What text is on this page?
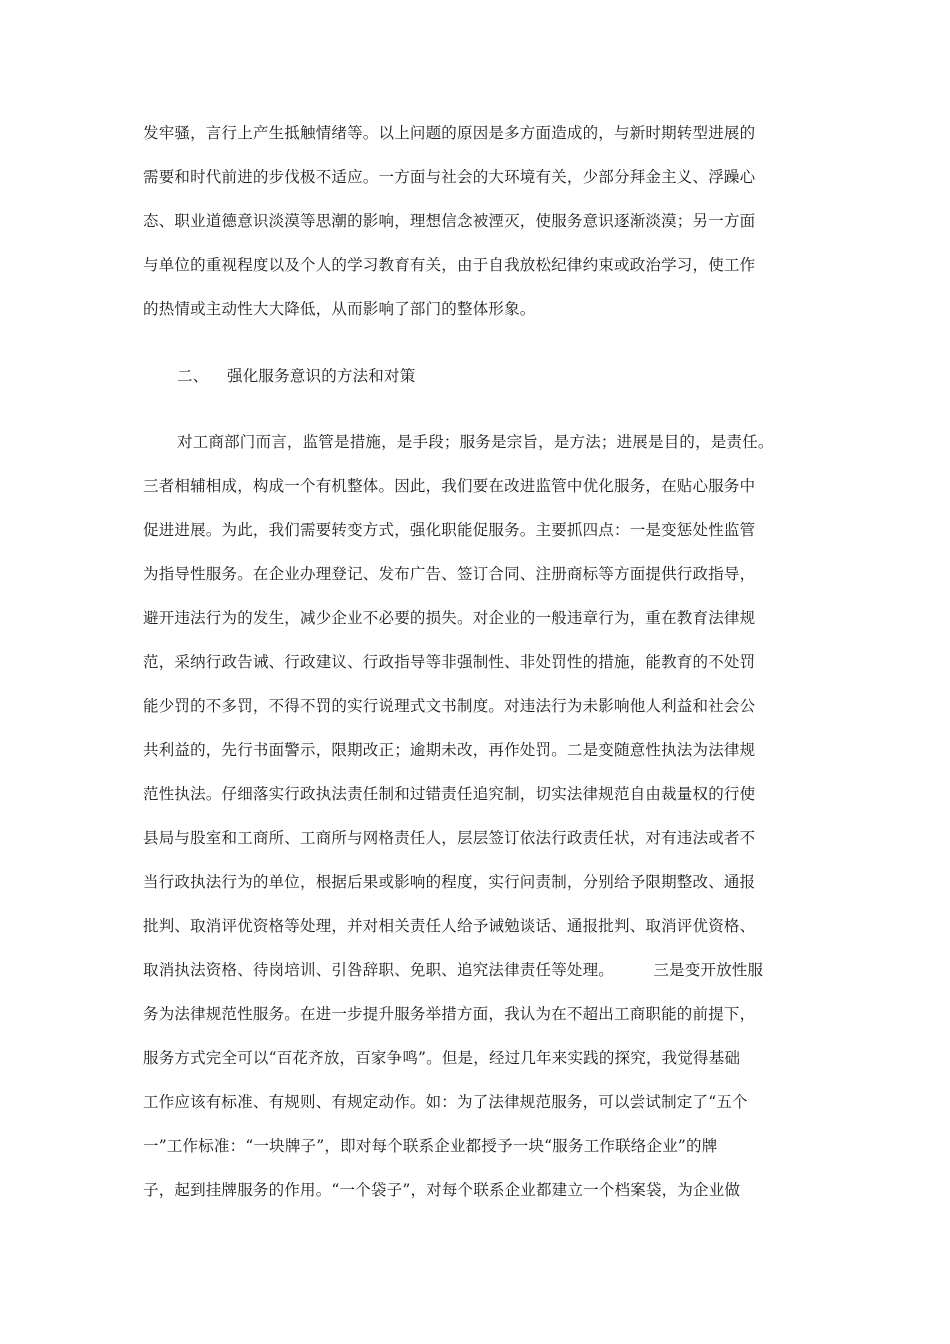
发牢骚，言行上产生抵触情绪等。以上问题的原因是多方面造成的，与新时期转型进展的
需要和时代前进的步伐极不适应。一方面与社会的大环境有关，少部分拜金主义、浮躁心
态、职业道德意识淡漠等思潮的影响，理想信念被湮灭，使服务意识逐渐淡漠；另一方面
与单位的重视程度以及个人的学习教育有关，由于自我放松纪律约束或政治学习，使工作
的热情或主动性大大降低，从而影响了部门的整体形象。
二、 强化服务意识的方法和对策
对工商部门而言，监管是措施，是手段；服务是宗旨，是方法；进展是目的，是责任。
三者相辅相成，构成一个有机整体。因此，我们要在改进监管中优化服务，在贴心服务中
促进进展。为此，我们需要转变方式，强化职能促服务。主要抓四点：一是变惩处性监管
为指导性服务。在企业办理登记、发布广告、签订合同、注册商标等方面提供行政指导，
避开违法行为的发生，减少企业不必要的损失。对企业的一般违章行为，重在教育法律规
范，采纳行政告诫、行政建议、行政指导等非强制性、非处罚性的措施，能教育的不处罚
能少罚的不多罚，不得不罚的实行说理式文书制度。对违法行为未影响他人利益和社会公
共利益的，先行书面警示，限期改正；逾期未改，再作处罚。二是变随意性执法为法律规
范性执法。仔细落实行政执法责任制和过错责任追究制，切实法律规范自由裁量权的行使
县局与股室和工商所、工商所与网格责任人，层层签订依法行政责任状，对有违法或者不
当行政执法行为的单位，根据后果或影响的程度，实行问责制，分别给予限期整改、通报
批判、取消评优资格等处理，并对相关责任人给予诫勉谈话、通报批判、取消评优资格、
取消执法资格、待岗培训、引咎辞职、免职、追究法律责任等处理。　　　三是变开放性服
务为法律规范性服务。在进一步提升服务举措方面，我认为在不超出工商职能的前提下，
服务方式完全可以“百花齐放，百家争鸣”。但是，经过几年来实践的探究，我觉得基础
工作应该有标准、有规则、有规定动作。如：为了法律规范服务，可以尝试制定了“五个
一”工作标准：“一块牌子”，即对每个联系企业都授予一块“服务工作联络企业”的牌
子，起到挂牌服务的作用。“一个袋子”，对每个联系企业都建立一个档案袋，为企业做
